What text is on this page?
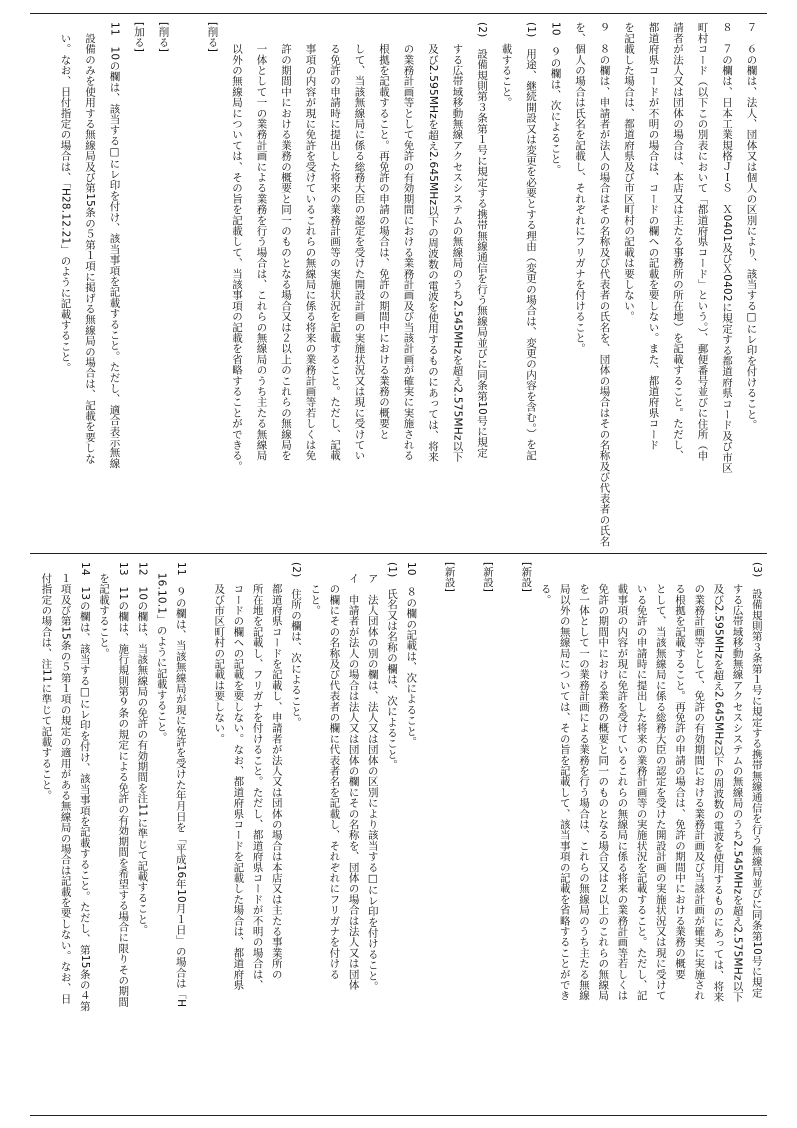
７　６の欄は、法人、団体又は個人の区別により、該当する□にレ印を付けること。
８　７の欄は、日本工業規格ＪＩＳ　Ｘ0401及びＸ0402に規定する都道府県コード及び市区
町村コード（以下この別表において「都道府県コード」という。）、郵便番号並びに住所（申
請者が法人又は団体の場合は、本店又は主たる事務所の所在地）を記載すること。ただし、
都道府県コードが不明の場合は、コードの欄への記載を要しない。また、都道府県コード
を記載した場合は、都道府県及び市区町村の記載は要しない。
９　８の欄は、申請者が法人の場合はその名称及び代表者の氏名を、団体の場合はその名称及び代表者の氏名
を、個人の場合は氏名を記載し、それぞれにフリガナを付けること。
10　９の欄は、次によること。
(1)　用途、継続開設又は変更を必要とする理由（変更の場合は、変更の内容を含む。）を記
　　載すること。
(2)　設備規則第３条第１号に規定する携帯無線通信を行う無線局並びに同条第10号に規定
　　する広帯域移動無線アクセスシステムの無線局のうち2.545MHzを超え2.575MHz以下
　　及び2.595MHzを超え2.645MHz以下の周波数の電波を使用するものにあっては、将来
　　の業務計画等として免許の有効期間における業務計画及び当該計画が確実に実施される
　　根拠を記載すること。再免許の申請の場合は、免許の期間中における業務の概要と
　　して、当該無線局に係る総務大臣の認定を受けた開設計画の実施状況又は現に受けてい
　　る免許の申請時に提出した将来の業務計画等の実施状況を記載すること。ただし、記載
　　事項の内容が現に免許を受けているこれらの無線局に係る将来の業務計画等若しくは免
　　許の期間中における業務の概要と同一のものとなる場合又は２以上のこれらの無線局を
　　一体として一の業務計画による業務を行う場合は、これらの無線局のうち主たる無線局
　　以外の無線局については、その旨を記載して、当該事項の記載を省略することができる。
[削る]
[削る]
[加る]
11　10の欄は、該当する□にレ印を付け、該当事項を記載すること。ただし、適合表示無線
　設備のみを使用する無線局及び第15条の５第１項に掲げる無線局の場合は、記載を要しな
　い。なお、日付指定の場合は、「H28.12.21」のように記載すること。
(3)　設備規則第３条第１号に規定する携帯無線通信を行う無線局並びに同条第10号に規定
　　する広帯域移動無線アクセスシステムの無線局のうち2.545MHzを超え2.575MHz以下
　　及び2.595MHzを超え2.645MHz以下の周波数の電波を使用するものにあっては、将来
　　の業務計画等として、免許の有効期間における業務計画及び当該計画が確実に実施され
　　る根拠を記載すること。再免許の申請の場合は、免許の期間中における業務の概要
　　として、当該無線局に係る総務大臣の認定を受けた開設計画の実施状況又は現に受けて
　　いる免許の申請時に提出した将来の業務計画等の実施状況を記載すること。ただし、記
　　載事項の内容が現に免許を受けているこれらの無線局に係る将来の業務計画等若しくは
　　免許の期間中における業務の概要と同一のものとなる場合又は２以上のこれらの無線局
　　を一体として一の業務計画による業務を行う場合は、これらの無線局のうち主たる無線
　　局以外の無線局については、その旨を記載して、該当事項の記載を省略することができ
　　る。
[新設]
[新設]
[新設]
10　８の欄の記載は、次によること。
(1)　氏名又は名称の欄は、次によること。
　ア　法人団体の別の欄は、法人又は団体の区別により該当する□にレ印を付けること。
　イ　申請者が法人の場合は法人又は団体の欄にその名称を、団体の場合は法人又は団体
　　の欄にその名称及び代表者の欄に代表者名を記載し、それぞれにフリガナを付ける
　　こと。
(2)　住所の欄は、次によること。
　　都道府県コードを記載し、申請者が法人又は団体の場合は本店又は主たる事業所の
　　所在地を記載し、フリガナを付けること。ただし、都道府県コードが不明の場合は、
　　コードの欄への記載を要しない。なお、都道府県コードを記載した場合は、都道府県
　　及び市区町村の記載は要しない。
11　９の欄は、当該無線局が現に免許を受けた年月日を「平成16年10月１日」の場合は「H
　16.10.1」のように記載すること。
12　10の欄は、当該無線局の免許の有効期間を注11に準じて記載すること。
13　11の欄は、施行規則第９条の規定による免許の有効期間を希望する場合に限りその期間
　を記載すること。
14　13の欄は、該当する□にレ印を付け、該当事項を記載すること。ただし、第15条の４第
　１項及び第15条の５第１項の規定の適用がある無線局の場合は記載を要しない。なお、日
　付指定の場合は、注11に準じて記載すること。
